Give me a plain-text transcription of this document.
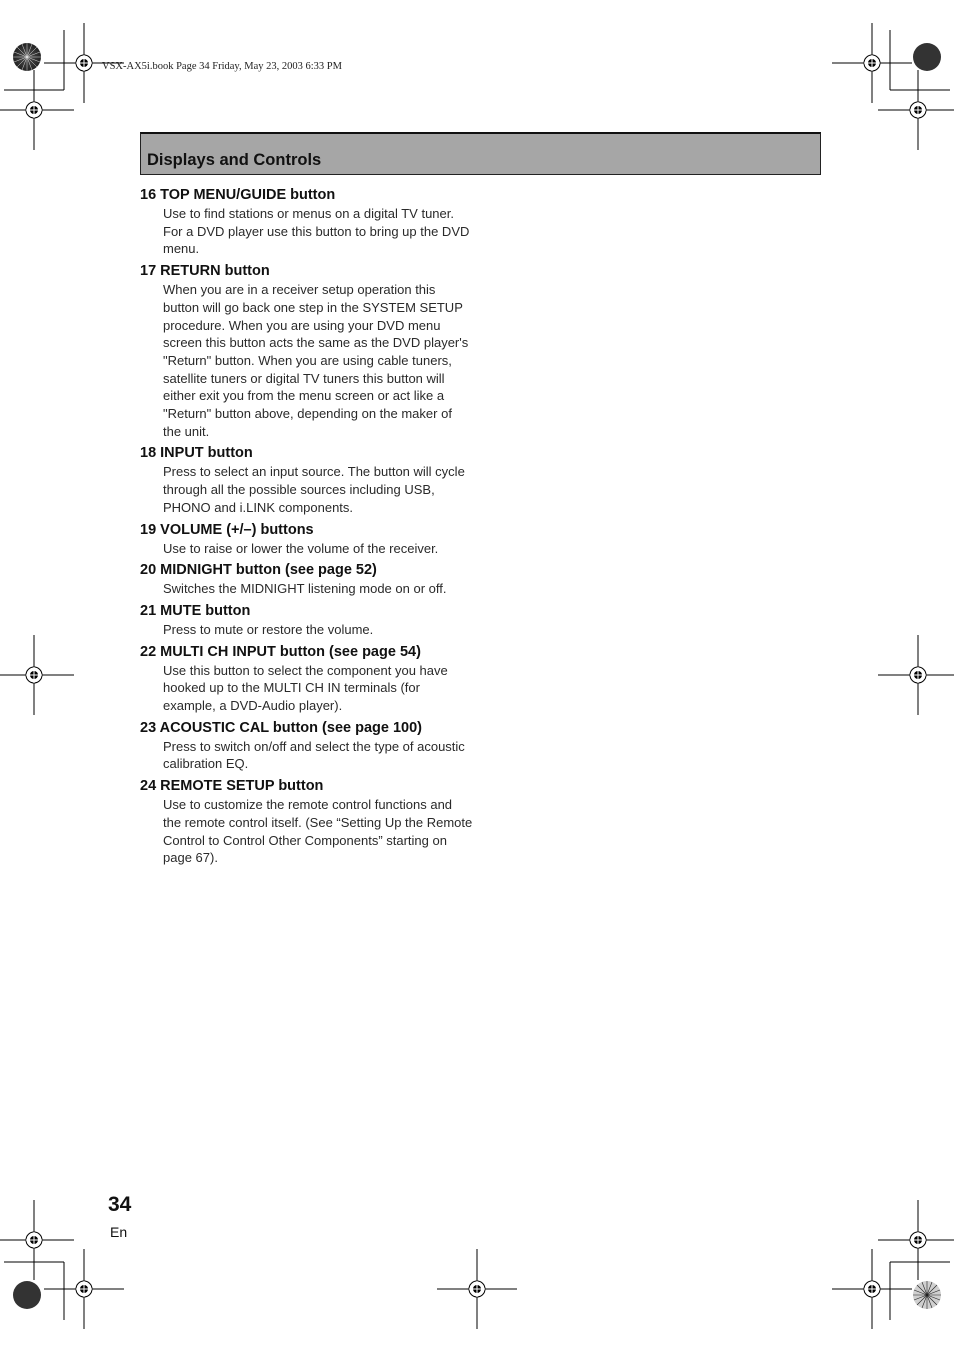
VSX-AX5i.book Page 34 Friday, May 23, 2003 6:33 PM
Displays and Controls
16 TOP MENU/GUIDE button
Use to find stations or menus on a digital TV tuner. For a DVD player use this button to bring up the DVD menu.
17 RETURN button
When you are in a receiver setup operation this button will go back one step in the SYSTEM SETUP procedure. When you are using your DVD menu screen this button acts the same as the DVD player's "Return" button. When you are using cable tuners, satellite tuners or digital TV tuners this button will either exit you from the menu screen or act like a "Return" button above, depending on the maker of the unit.
18 INPUT button
Press to select an input source. The button will cycle through all the possible sources including USB, PHONO and i.LINK components.
19 VOLUME (+/–) buttons
Use to raise or lower the volume of the receiver.
20 MIDNIGHT button (see page 52)
Switches the MIDNIGHT listening mode on or off.
21 MUTE button
Press to mute or restore the volume.
22 MULTI CH INPUT button (see page 54)
Use this button to select the component you have hooked up to the MULTI CH IN terminals (for example, a DVD-Audio player).
23 ACOUSTIC CAL button (see page 100)
Press to switch on/off and select the type of acoustic calibration EQ.
24 REMOTE SETUP button
Use to customize the remote control functions and the remote control itself. (See “Setting Up the Remote Control to Control Other Components” starting on page 67).
34
En
